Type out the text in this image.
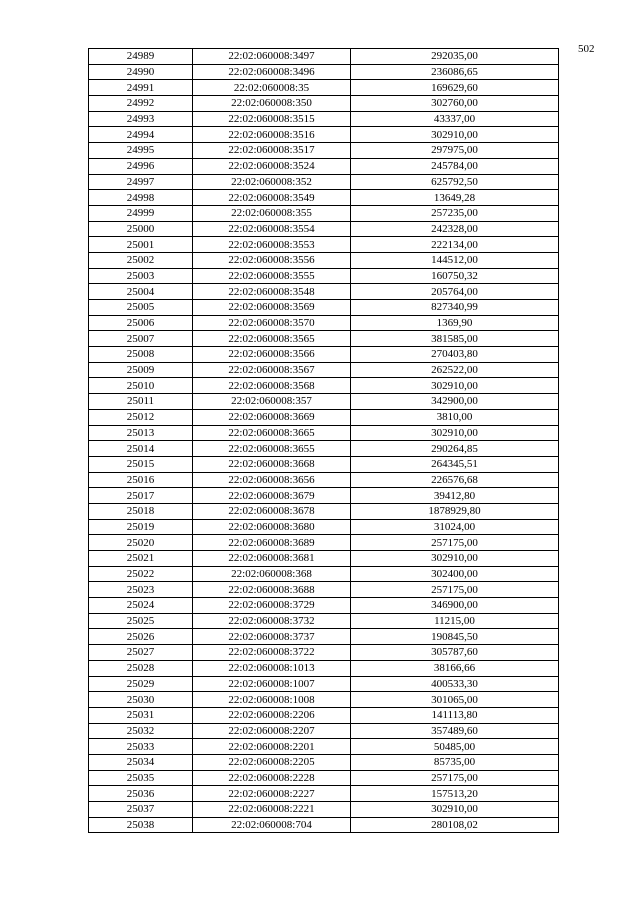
502
24989	22:02:060008:3497	292035,00
24990	22:02:060008:3496	236086,65
24991	22:02:060008:35	169629,60
24992	22:02:060008:350	302760,00
24993	22:02:060008:3515	43337,00
24994	22:02:060008:3516	302910,00
24995	22:02:060008:3517	297975,00
24996	22:02:060008:3524	245784,00
24997	22:02:060008:352	625792,50
24998	22:02:060008:3549	13649,28
24999	22:02:060008:355	257235,00
25000	22:02:060008:3554	242328,00
25001	22:02:060008:3553	222134,00
25002	22:02:060008:3556	144512,00
25003	22:02:060008:3555	160750,32
25004	22:02:060008:3548	205764,00
25005	22:02:060008:3569	827340,99
25006	22:02:060008:3570	1369,90
25007	22:02:060008:3565	381585,00
25008	22:02:060008:3566	270403,80
25009	22:02:060008:3567	262522,00
25010	22:02:060008:3568	302910,00
25011	22:02:060008:357	342900,00
25012	22:02:060008:3669	3810,00
25013	22:02:060008:3665	302910,00
25014	22:02:060008:3655	290264,85
25015	22:02:060008:3668	264345,51
25016	22:02:060008:3656	226576,68
25017	22:02:060008:3679	39412,80
25018	22:02:060008:3678	1878929,80
25019	22:02:060008:3680	31024,00
25020	22:02:060008:3689	257175,00
25021	22:02:060008:3681	302910,00
25022	22:02:060008:368	302400,00
25023	22:02:060008:3688	257175,00
25024	22:02:060008:3729	346900,00
25025	22:02:060008:3732	11215,00
25026	22:02:060008:3737	190845,50
25027	22:02:060008:3722	305787,60
25028	22:02:060008:1013	38166,66
25029	22:02:060008:1007	400533,30
25030	22:02:060008:1008	301065,00
25031	22:02:060008:2206	141113,80
25032	22:02:060008:2207	357489,60
25033	22:02:060008:2201	50485,00
25034	22:02:060008:2205	85735,00
25035	22:02:060008:2228	257175,00
25036	22:02:060008:2227	157513,20
25037	22:02:060008:2221	302910,00
25038	22:02:060008:704	280108,02
